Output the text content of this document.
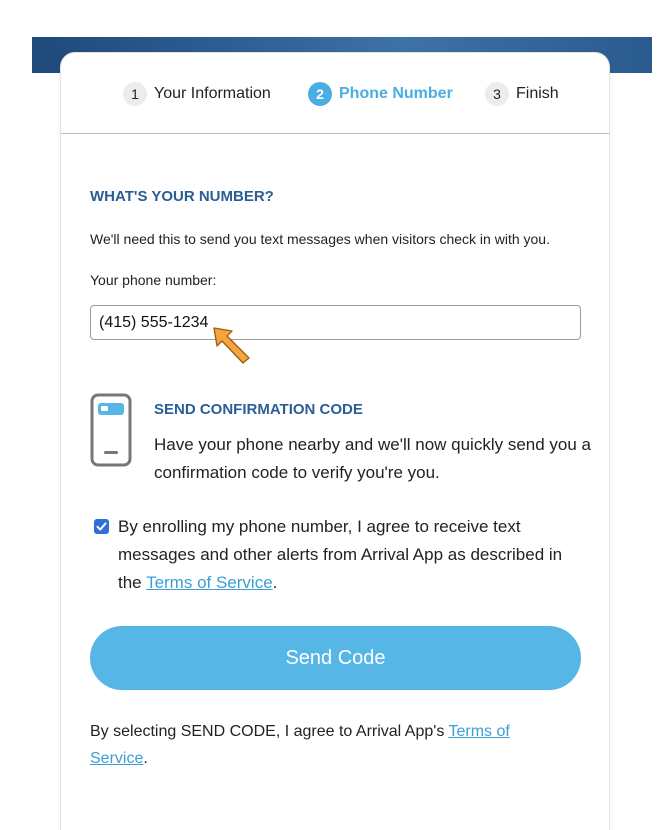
1 Your Information	2 Phone Number	3 Finish
WHAT'S YOUR NUMBER?
We'll need this to send you text messages when visitors check in with you.
Your phone number:
(415) 555-1234
SEND CONFIRMATION CODE
Have your phone nearby and we'll now quickly send you a confirmation code to verify you're you.
By enrolling my phone number, I agree to receive text messages and other alerts from Arrival App as described in the Terms of Service.
Send Code
By selecting SEND CODE, I agree to Arrival App's Terms of Service.
